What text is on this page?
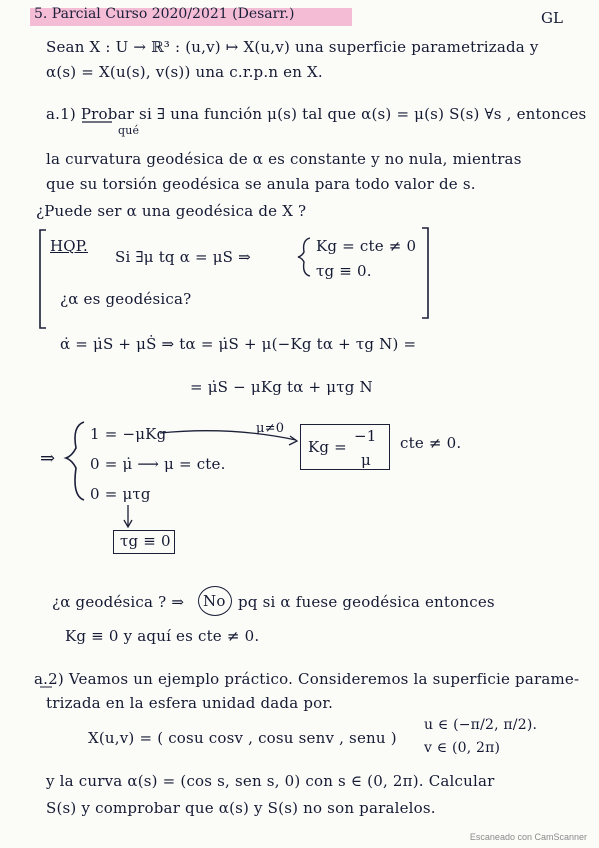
5. Parcial Curso 2020/2021 (Desarr.)	GL
Sean X : U → ℝ³ : (u,v) ↦ X(u,v) una superficie parametrizada y
α(s) = X(u(s), v(s)) una c.r.p.n en X.
a.1) Probar si ∃ una función μ(s) tal que α(s) = μ(s) S(s) ∀s , entonces
qué
la curvatura geodésica de α es constante y no nula, mientras
que su torsión geodésica se anula para todo valor de s.
¿Puede ser α una geodésica de X ?
HQP.
Si ∃μ tq α = μS ⇒
Kg = cte ≠ 0
τg ≡ 0.
¿α es geodésica?
α̇ = μ̇S + μṠ ⇒ tα = μ̇S + μ(−Kg tα + τg N) =
= μ̇S − μKg tα + μτg N
⇒
1 = −μKg	μ≠0
0 = μ̇ ⟶ μ = cte.
0 = μτg
Kg =
−1
μ
cte ≠ 0.
τg ≡ 0
¿α geodésica ? ⇒ No pq si α fuese geodésica entonces
Kg ≡ 0 y aquí es cte ≠ 0.
a.2) Veamos un ejemplo práctico. Consideremos la superficie parame-
trizada en la esfera unidad dada por.
X(u,v) = ( cosu cosv , cosu senv , senu )
u ∈ (−π/2, π/2).
v ∈ (0, 2π)
y la curva α(s) = (cos s, sen s, 0) con s ∈ (0, 2π). Calcular
S(s) y comprobar que α(s) y S(s) no son paralelos.
Escaneado con CamScanner
